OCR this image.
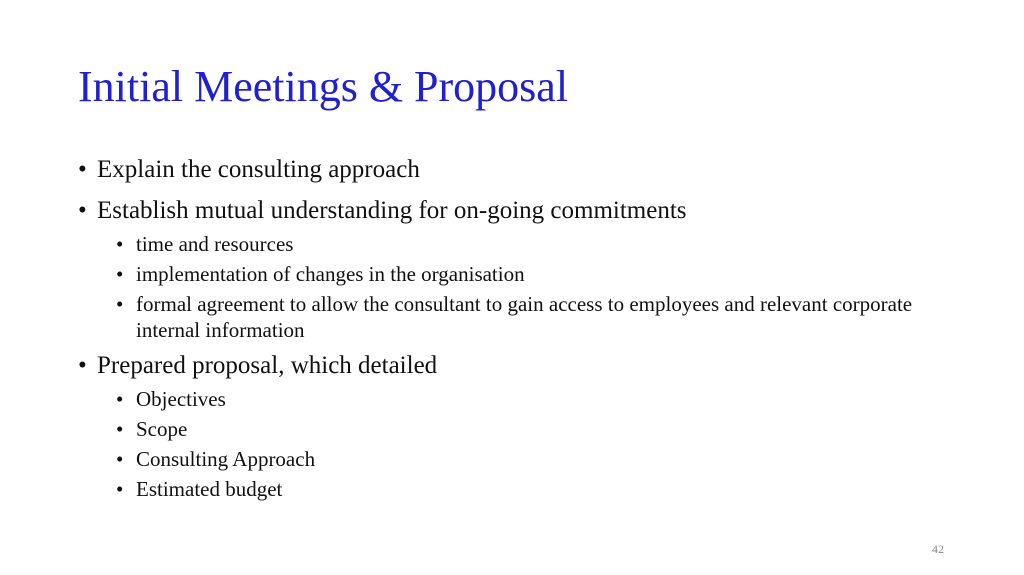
Initial Meetings & Proposal
• Explain the consulting approach
• Establish mutual understanding for on-going commitments
• time and resources
• implementation of changes in the organisation
• formal agreement to allow the consultant to gain access to employees and relevant corporate internal information
• Prepared proposal, which detailed
• Objectives
• Scope
• Consulting Approach
• Estimated budget
42
